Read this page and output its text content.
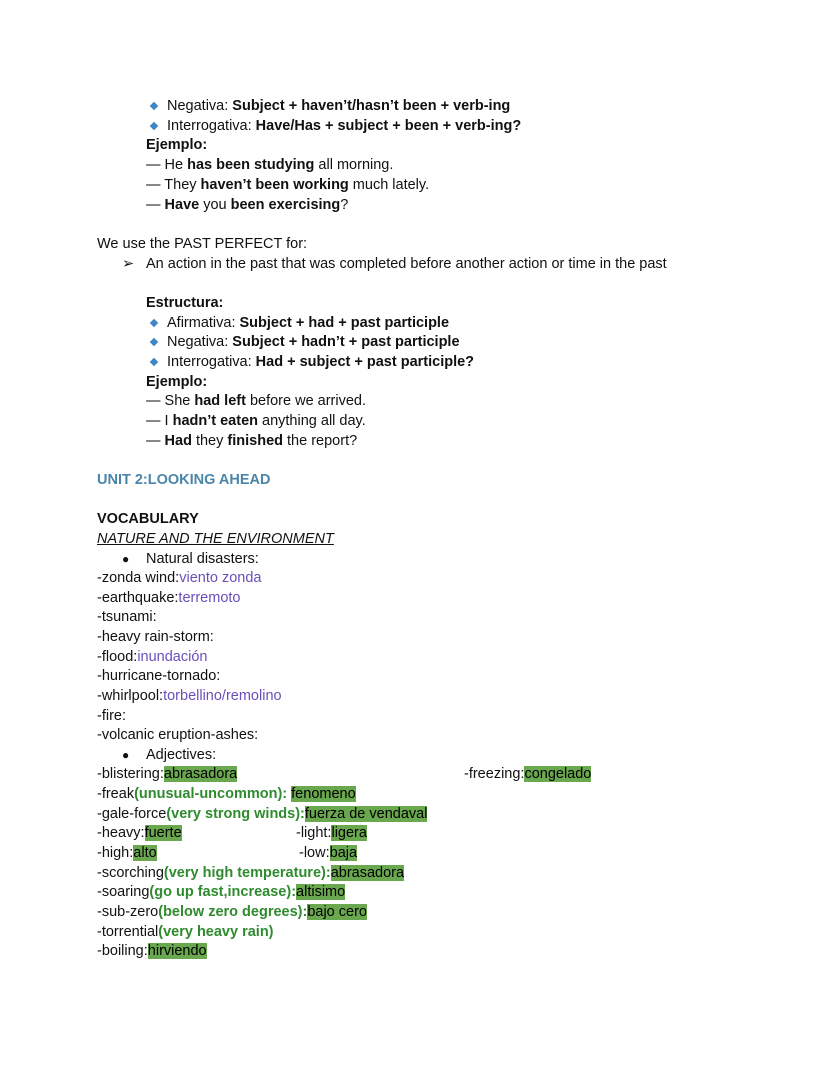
Negativa: Subject + haven’t/hasn’t been + verb-ing
Interrogativa: Have/Has + subject + been + verb-ing?
Ejemplo:
— He has been studying all morning.
— They haven’t been working much lately.
— Have you been exercising?
We use the PAST PERFECT for:
➢ An action in the past that was completed before another action or time in the past
Estructura:
Afirmativa: Subject + had + past participle
Negativa: Subject + hadn’t + past participle
Interrogativa: Had + subject + past participle?
Ejemplo:
— She had left before we arrived.
— I hadn’t eaten anything all day.
— Had they finished the report?
UNIT 2:LOOKING AHEAD
VOCABULARY
NATURE AND THE ENVIRONMENT
● Natural disasters:
-zonda wind:viento zonda
-earthquake:terremoto
-tsunami:
-heavy rain-storm:
-flood:inundación
-hurricane-tornado:
-whirlpool:torbellino/remolino
-fire:
-volcanic eruption-ashes:
● Adjectives:
-blistering:abrasadora	-freezing:congelado
-freak(unusual-uncommon): fenomeno
-gale-force(very strong winds):fuerza de vendaval
-heavy:fuerte	-light:ligera
-high:alto	-low:baja
-scorching(very high temperature):abrasadora
-soaring(go up fast,increase):altisimo
-sub-zero(below zero degrees):bajo cero
-torrential(very heavy rain)
-boiling:hirviendo
